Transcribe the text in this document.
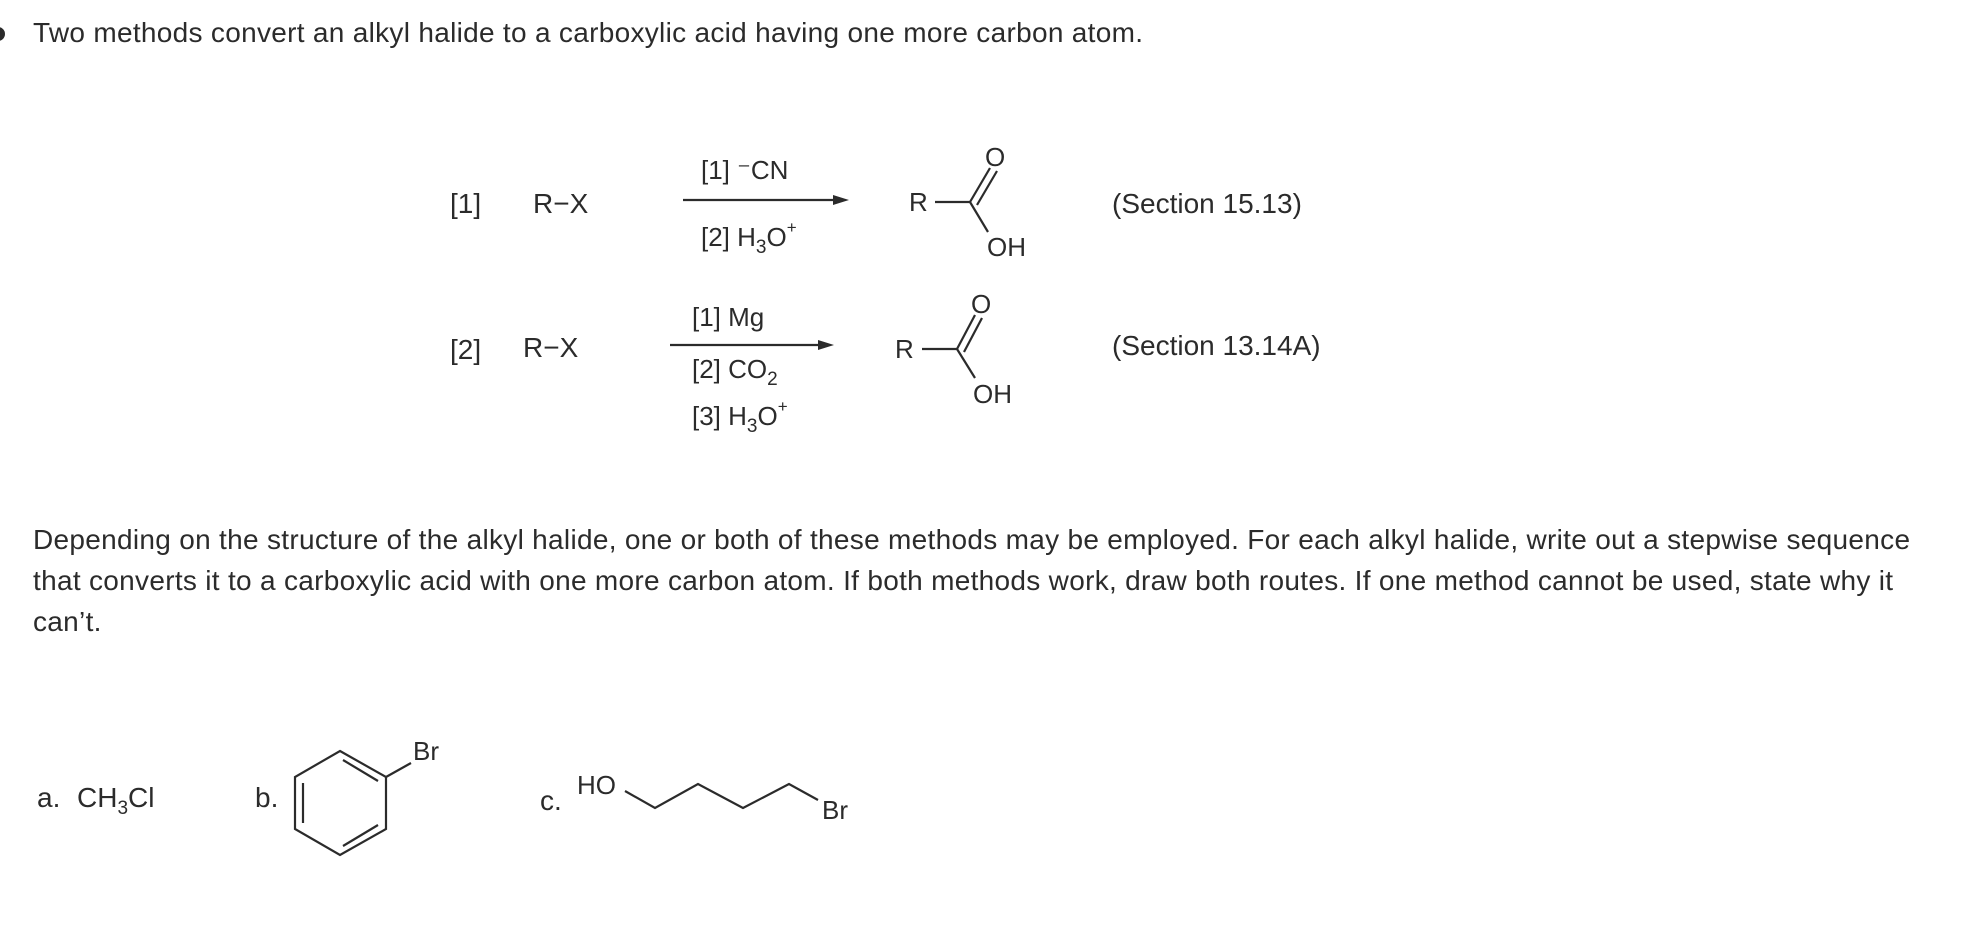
Two methods convert an alkyl halide to a carboxylic acid having one more carbon atom.
[1] R−X
[1] ⁻CN
[2] $H_3O^+$
(Section 15.13)
[2] R−X
[1] Mg
[2] $CO_2$
[3] $H_3O^+$
(Section 13.14A)
Depending on the structure of the alkyl halide, one or both of these methods may be employed. For each alkyl halide, write out a stepwise sequence that converts it to a carboxylic acid with one more carbon atom. If both methods work, draw both routes. If one method cannot be used, state why it can’t.
a. $CH_3Cl$	b.	c.
R
O
OH
R
O
OH
Br
HO
Br
